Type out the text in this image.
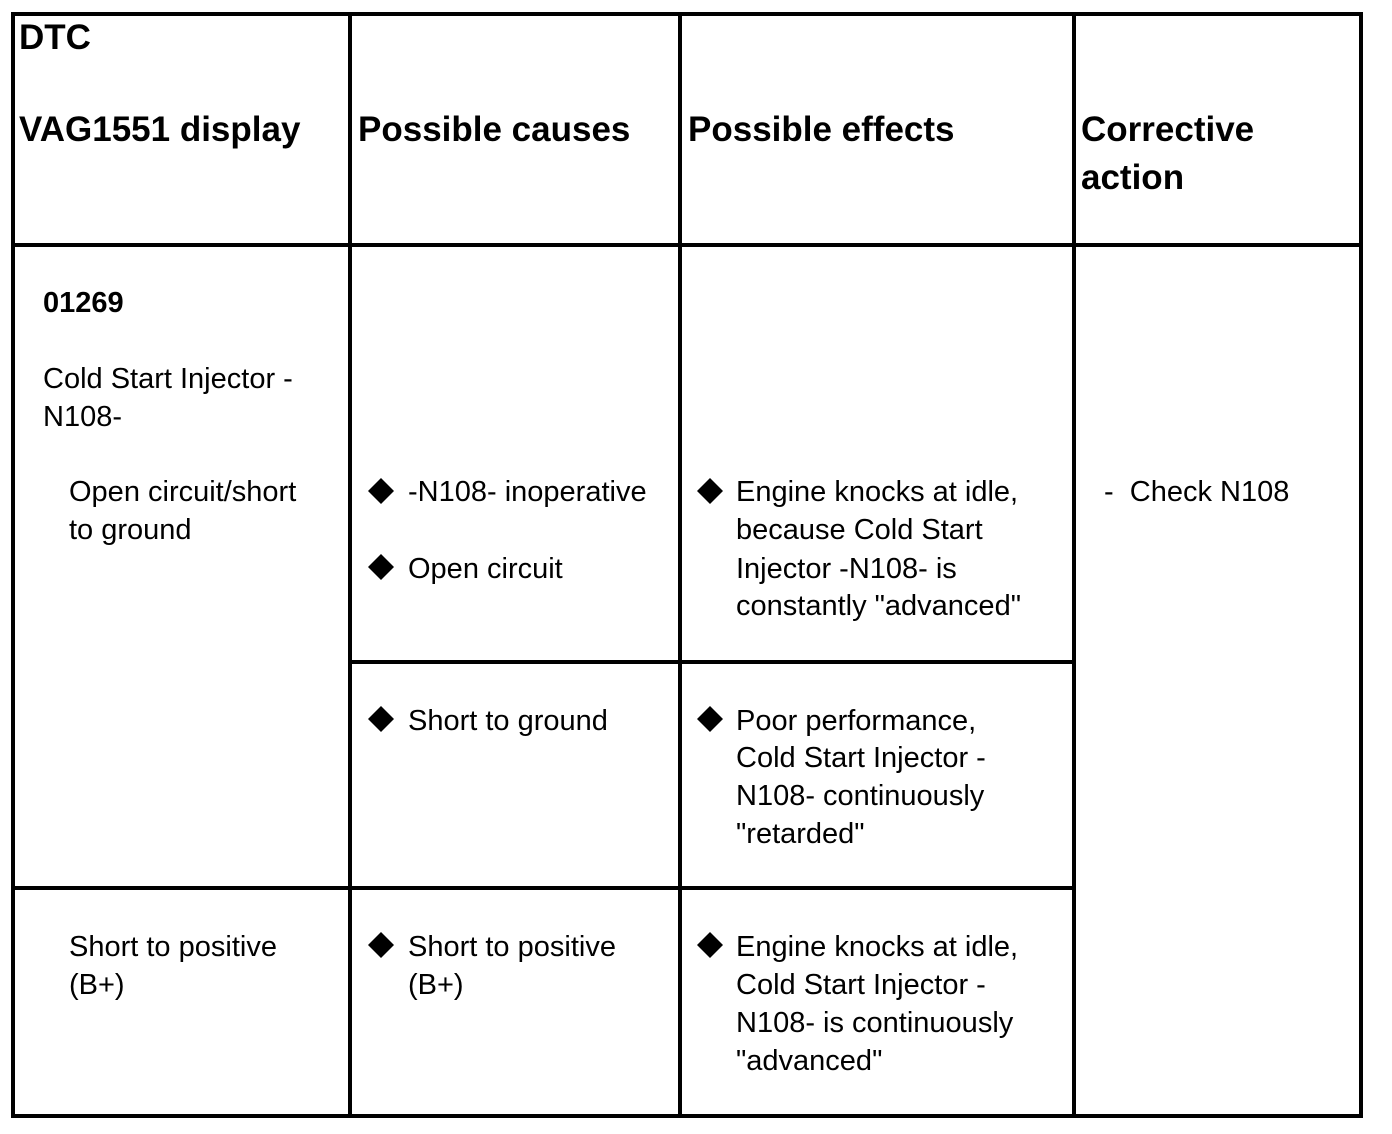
DTC

VAG1551 display Possible causes Possible effects	Corrective

action

01269

Cold Start Injector -

N108-

Open circuit/short

to ground

Short to positive

(B+)

-N108- inoperative

Open circuit

Short to ground

Short to positive

(B+)

Engine knocks at idle,

because Cold Start

Injector -N108- is

constantly "advanced"

Poor performance,

Cold Start Injector -

N108- continuously

"retarded"

Engine knocks at idle,

Cold Start Injector -

N108- is continuously

"advanced"

-  Check N108
